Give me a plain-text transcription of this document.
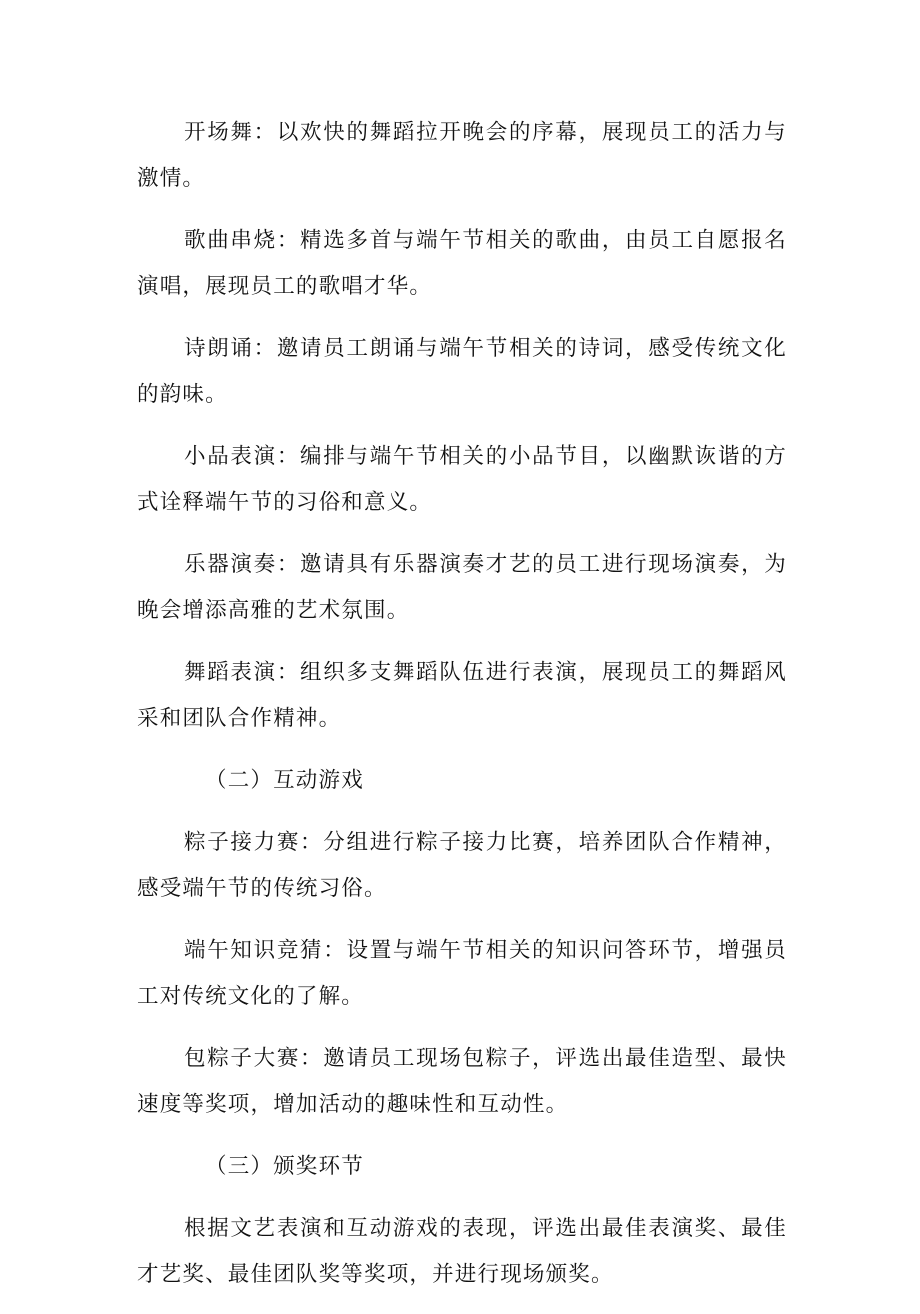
开场舞：以欢快的舞蹈拉开晚会的序幕，展现员工的活力与激情。

歌曲串烧：精选多首与端午节相关的歌曲，由员工自愿报名演唱，展现员工的歌唱才华。

诗朗诵：邀请员工朗诵与端午节相关的诗词，感受传统文化的韵味。

小品表演：编排与端午节相关的小品节目，以幽默诙谐的方式诠释端午节的习俗和意义。

乐器演奏：邀请具有乐器演奏才艺的员工进行现场演奏，为晚会增添高雅的艺术氛围。

舞蹈表演：组织多支舞蹈队伍进行表演，展现员工的舞蹈风采和团队合作精神。

（二）互动游戏

粽子接力赛：分组进行粽子接力比赛，培养团队合作精神，感受端午节的传统习俗。

端午知识竞猜：设置与端午节相关的知识问答环节，增强员工对传统文化的了解。

包粽子大赛：邀请员工现场包粽子，评选出最佳造型、最快速度等奖项，增加活动的趣味性和互动性。

（三）颁奖环节

根据文艺表演和互动游戏的表现，评选出最佳表演奖、最佳才艺奖、最佳团队奖等奖项，并进行现场颁奖。
